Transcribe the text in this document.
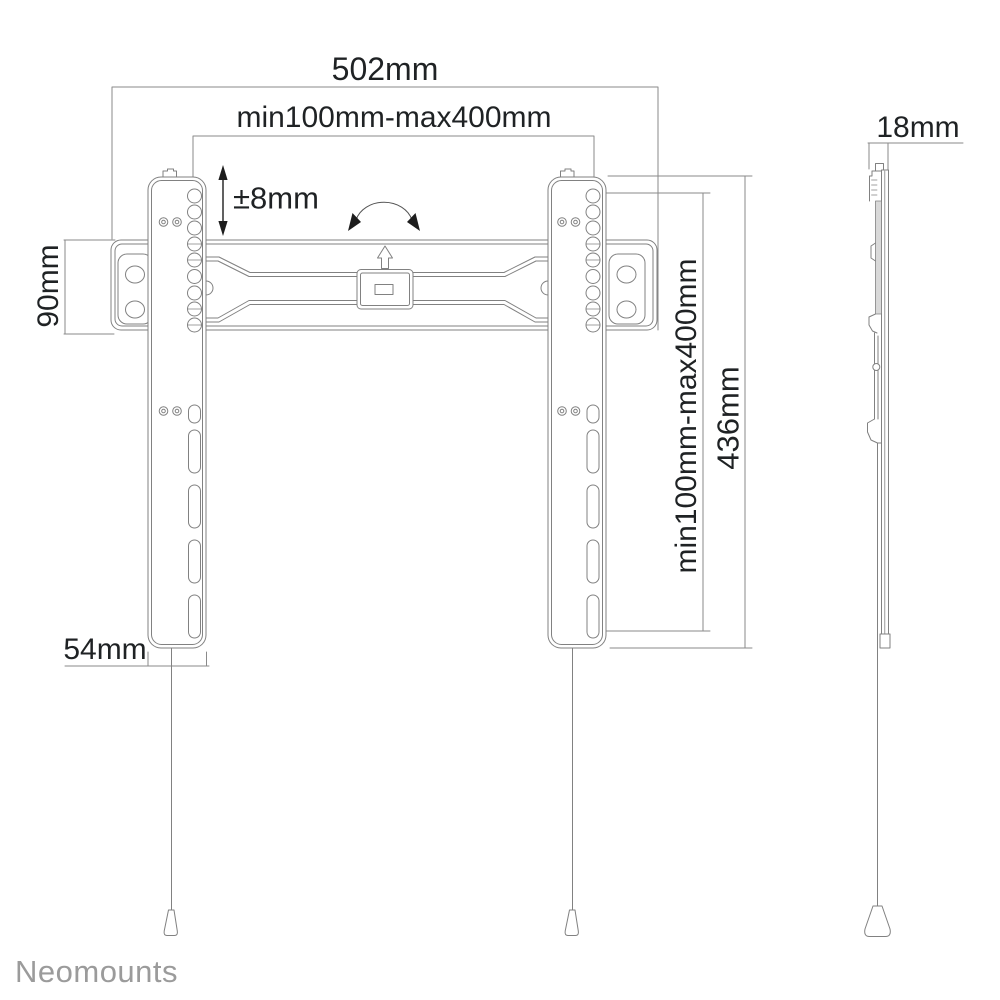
502mm
min100mm-max400mm
±8mm
90mm
54mm
min100mm-max400mm 436mm
18mm
Neomounts
